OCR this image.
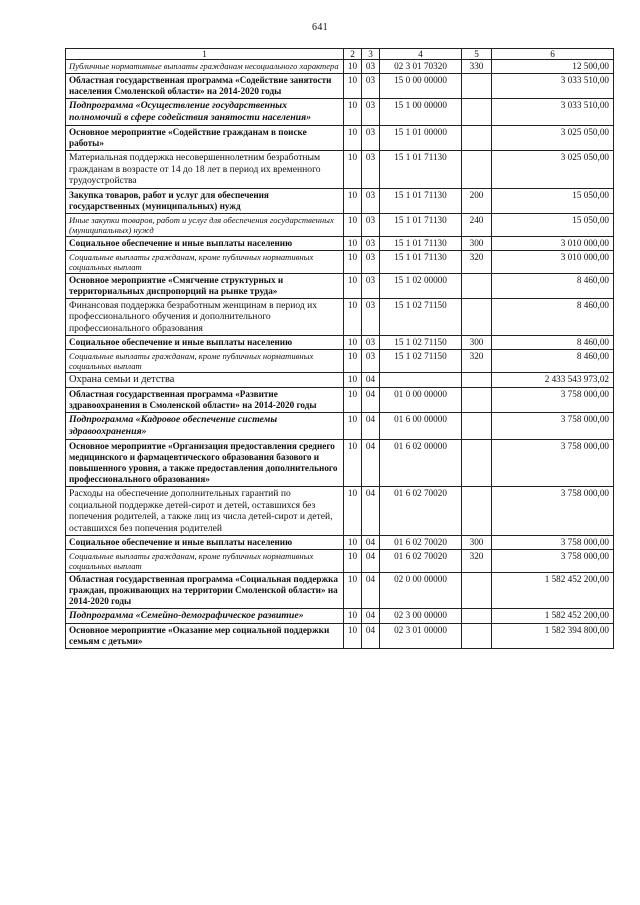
641
1	2	3	4	5	6
Публичные нормативные выплаты гражданам несоциального характера	10	03	02 3 01 70320	330	12 500,00
Областная государственная программа «Содействие занятости населения Смоленской области» на 2014-2020 годы	10	03	15 0 00 00000		3 033 510,00
Подпрограмма «Осуществление государственных полномочий в сфере содействия занятости населения»	10	03	15 1 00 00000		3 033 510,00
Основное мероприятие «Содействие гражданам в поиске работы»	10	03	15 1 01 00000		3 025 050,00
Материальная поддержка несовершеннолетним безработным гражданам в возрасте от 14 до 18 лет в период их временного трудоустройства	10	03	15 1 01 71130		3 025 050,00
Закупка товаров, работ и услуг для обеспечения государственных (муниципальных) нужд	10	03	15 1 01 71130	200	15 050,00
Иные закупки товаров, работ и услуг для обеспечения государственных (муниципальных) нужд	10	03	15 1 01 71130	240	15 050,00
Социальное обеспечение и иные выплаты населению	10	03	15 1 01 71130	300	3 010 000,00
Социальные выплаты гражданам, кроме публичных нормативных социальных выплат	10	03	15 1 01 71130	320	3 010 000,00
Основное мероприятие «Смягчение структурных и территориальных диспропорций на рынке труда»	10	03	15 1 02 00000		8 460,00
Финансовая поддержка безработным женщинам в период их профессионального обучения и дополнительного профессионального образования	10	03	15 1 02 71150		8 460,00
Социальное обеспечение и иные выплаты населению	10	03	15 1 02 71150	300	8 460,00
Социальные выплаты гражданам, кроме публичных нормативных социальных выплат	10	03	15 1 02 71150	320	8 460,00
Охрана семьи и детства	10	04			2 433 543 973,02
Областная государственная программа «Развитие здравоохранения в Смоленской области» на 2014-2020 годы	10	04	01 0 00 00000		3 758 000,00
Подпрограмма «Кадровое обеспечение системы здравоохранения»	10	04	01 6 00 00000		3 758 000,00
Основное мероприятие «Организация предоставления среднего медицинского и фармацевтического образования базового и повышенного уровня, а также предоставления дополнительного профессионального образования»	10	04	01 6 02 00000		3 758 000,00
Расходы на обеспечение дополнительных гарантий по социальной поддержке детей-сирот и детей, оставшихся без попечения родителей, а также лиц из числа детей-сирот и детей, оставшихся без попечения родителей	10	04	01 6 02 70020		3 758 000,00
Социальное обеспечение и иные выплаты населению	10	04	01 6 02 70020	300	3 758 000,00
Социальные выплаты гражданам, кроме публичных нормативных социальных выплат	10	04	01 6 02 70020	320	3 758 000,00
Областная государственная программа «Социальная поддержка граждан, проживающих на территории Смоленской области» на 2014-2020 годы	10	04	02 0 00 00000		1 582 452 200,00
Подпрограмма «Семейно-демографическое развитие»	10	04	02 3 00 00000		1 582 452 200,00
Основное мероприятие «Оказание мер социальной поддержки семьям с детьми»	10	04	02 3 01 00000		1 582 394 800,00
